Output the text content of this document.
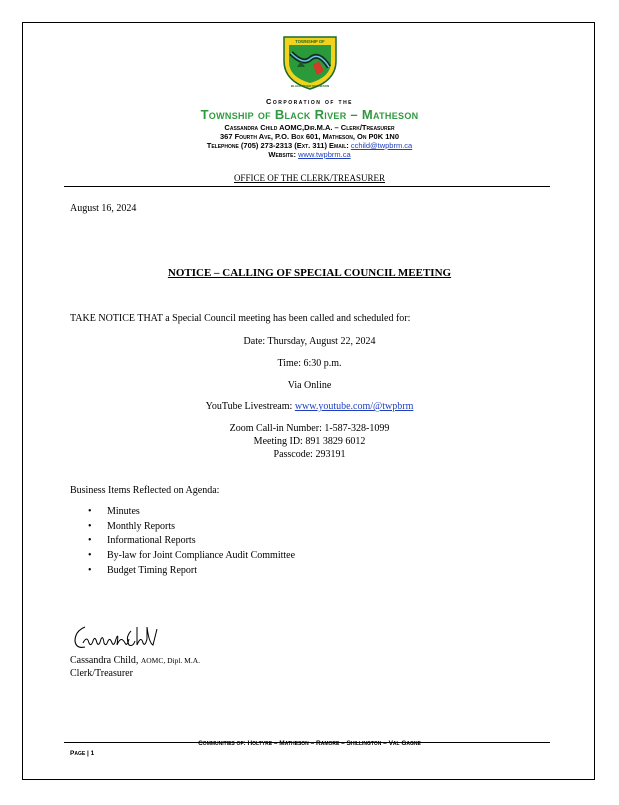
TOWNSHIP OF
BLACK RIVER MATHESON
Corporation of the
Township of Black River – Matheson
Cassandra Child AOMC,Dir.M.A. – Clerk/Treasurer
367 Fourth Ave, P.O. Box 601, Matheson, On P0K 1N0
Telephone (705) 273-2313 (Ext. 311) Email: cchild@twpbrm.ca
Website: www.twpbrm.ca
OFFICE OF THE CLERK/TREASURER
August 16, 2024
NOTICE – CALLING OF SPECIAL COUNCIL MEETING
TAKE NOTICE THAT a Special Council meeting has been called and scheduled for:
Date: Thursday, August 22, 2024
Time: 6:30 p.m.
Via Online
YouTube Livestream: www.youtube.com/@twpbrm
Zoom Call-in Number: 1-587-328-1099
Meeting ID: 891 3829 6012
Passcode: 293191
Business Items Reflected on Agenda:
• Minutes
• Monthly Reports
• Informational Reports
• By-law for Joint Compliance Audit Committee
• Budget Timing Report
Cassandra Child, AOMC, Dipl. M.A.
Clerk/Treasurer
Communities of: Holtyre – Matheson – Ramore – Shillington – Val Gagne
Page | 1
